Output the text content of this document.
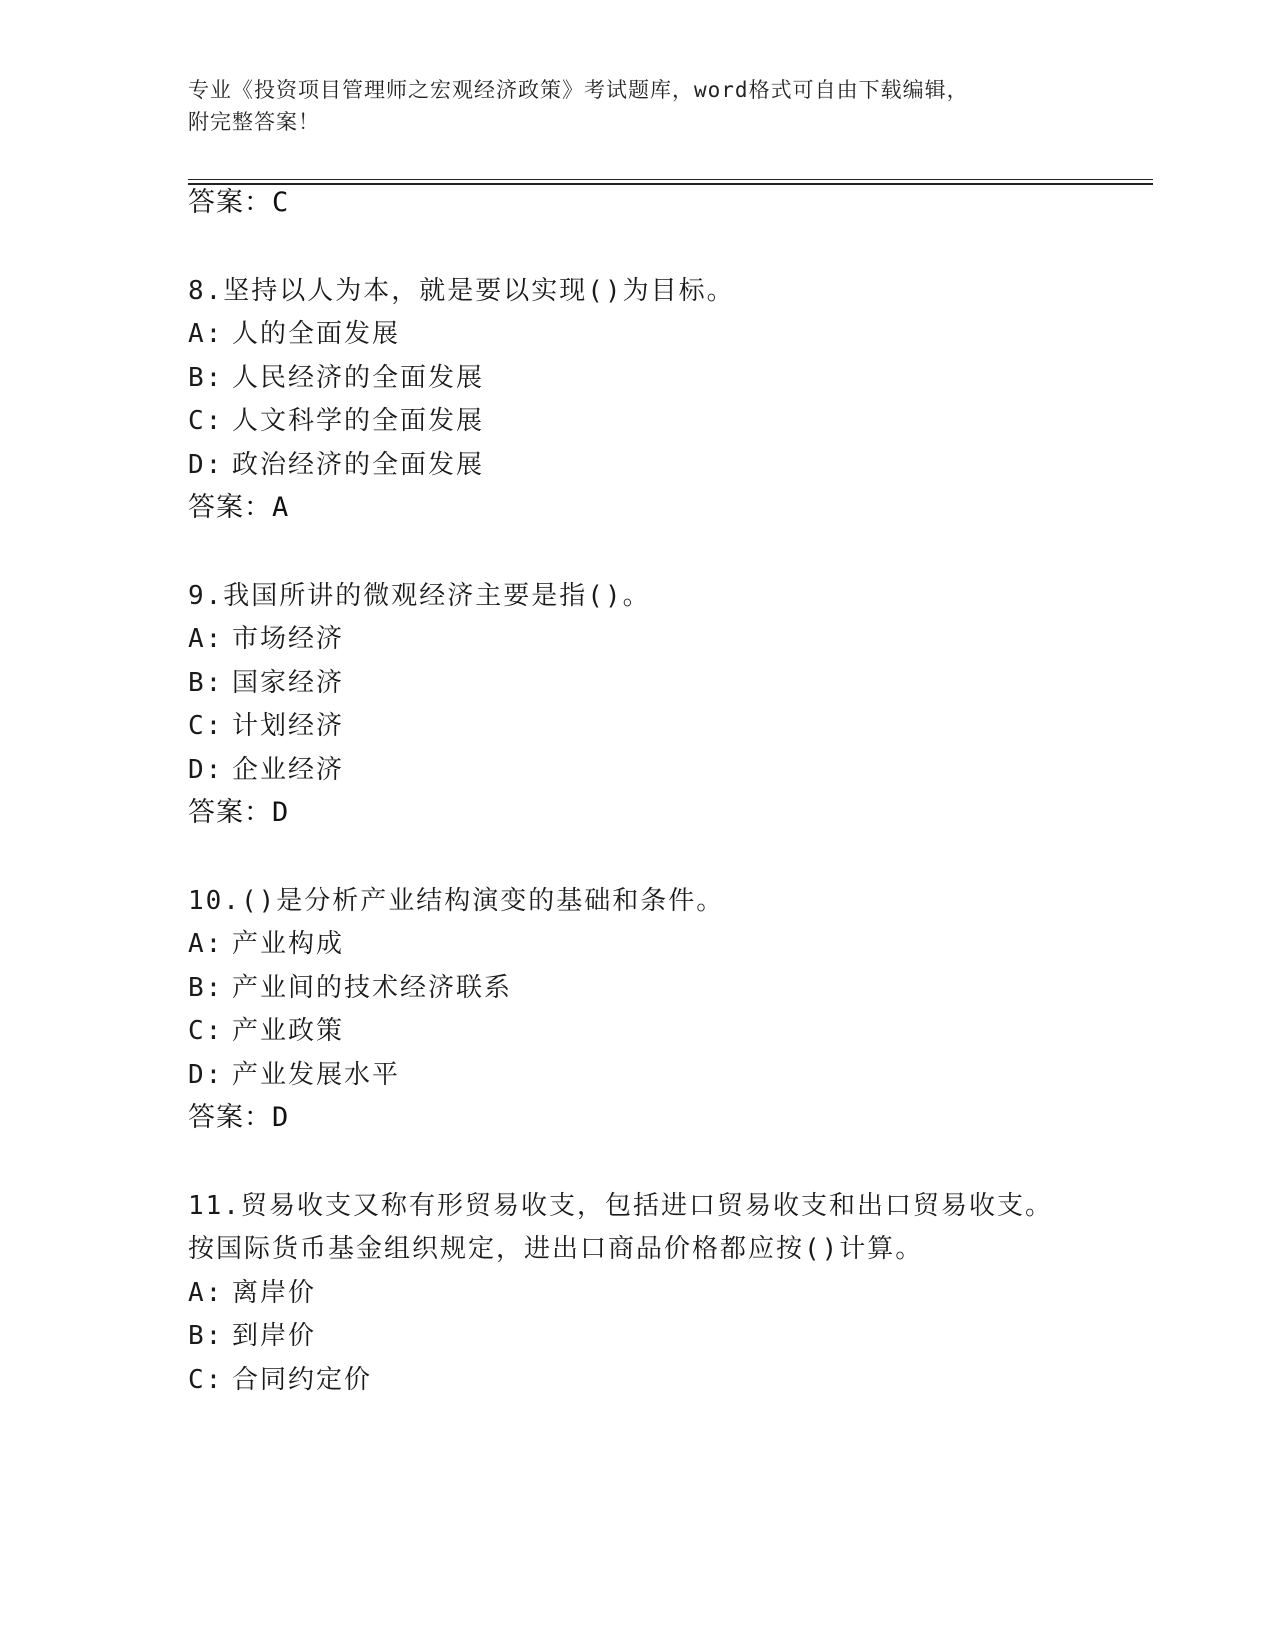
专业《投资项目管理师之宏观经济政策》考试题库，word格式可自由下载编辑，
附完整答案！
答案：C
8.坚持以人为本，就是要以实现()为目标。
A: 人的全面发展
B: 人民经济的全面发展
C: 人文科学的全面发展
D: 政治经济的全面发展
答案：A
9.我国所讲的微观经济主要是指()。
A: 市场经济
B: 国家经济
C: 计划经济
D: 企业经济
答案：D
10.()是分析产业结构演变的基础和条件。
A: 产业构成
B: 产业间的技术经济联系
C: 产业政策
D: 产业发展水平
答案：D
11.贸易收支又称有形贸易收支，包括进口贸易收支和出口贸易收支。
按国际货币基金组织规定，进出口商品价格都应按()计算。
A: 离岸价
B: 到岸价
C: 合同约定价
